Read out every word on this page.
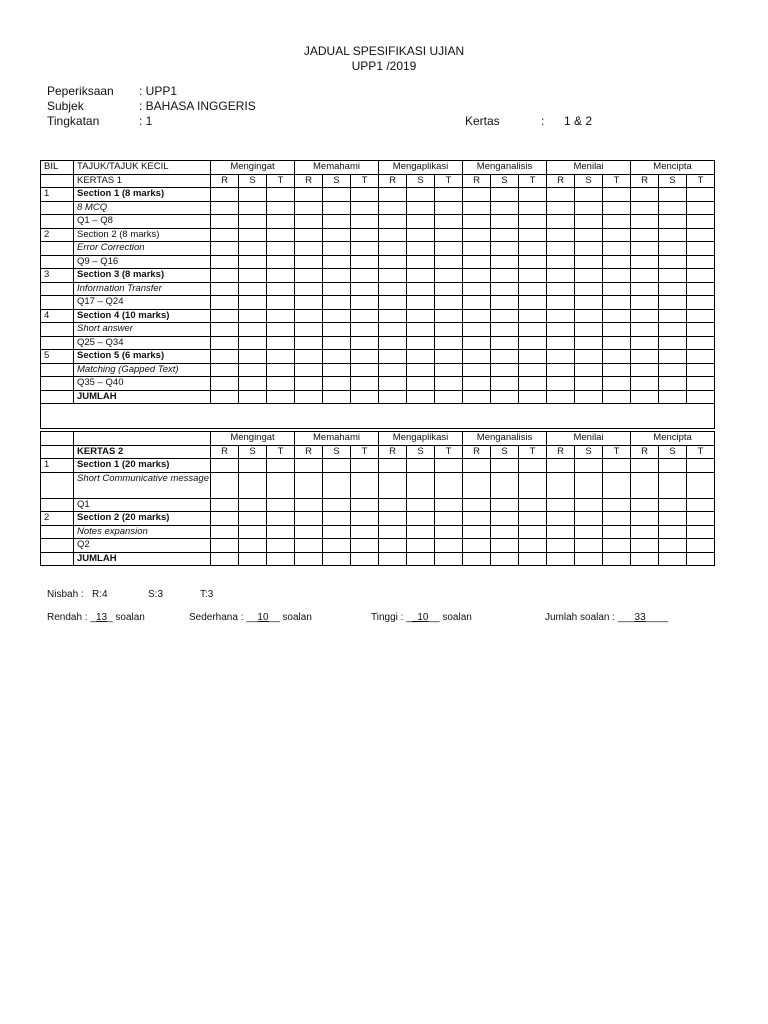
JADUAL SPESIFIKASI UJIAN
UPP1 /2019
Peperiksaan : UPP1
Subjek	: BAHASA INGGERIS
Tingkatan	: 1	Kertas	: 1 & 2
BIL	TAJUK/TAJUK KECIL	Mengingat			Memahami			Mengaplikasi			Menganalisis			Menilai			Mencipta		
	KERTAS 1	R	S	T	R	S	T	R	S	T	R	S	T	R	S	T	R	S	T
1	Section 1 (8 marks)																		
	8 MCQ																		
	Q1 – Q8																		
2	Section 2 (8 marks)																		
	Error Correction																		
	Q9 – Q16																		
3	Section 3 (8 marks)																		
	Information Transfer																		
	Q17 – Q24																		
4	Section 4 (10 marks)																		
	Short answer																		
	Q25 – Q34																		
5	Section 5 (6 marks)																		
	Matching (Gapped Text)																		
	Q35 – Q40																		
	JUMLAH																		

		Mengingat			Memahami			Mengaplikasi			Menganalisis			Menilai			Mencipta		
	KERTAS 2	R	S	T	R	S	T	R	S	T	R	S	T	R	S	T	R	S	T
1	Section 1 (20 marks)																		
	Short Communicative message																		
	Q1																		
2	Section 2 (20 marks)																		
	Notes expansion																		
	Q2																		
	JUMLAH																		
Nisbah : R:4	S:3	T:3
Rendah : _13_ soalan	Sederhana : __10__ soalan	Tinggi : __10__ soalan	Jumlah soalan : ___33____
